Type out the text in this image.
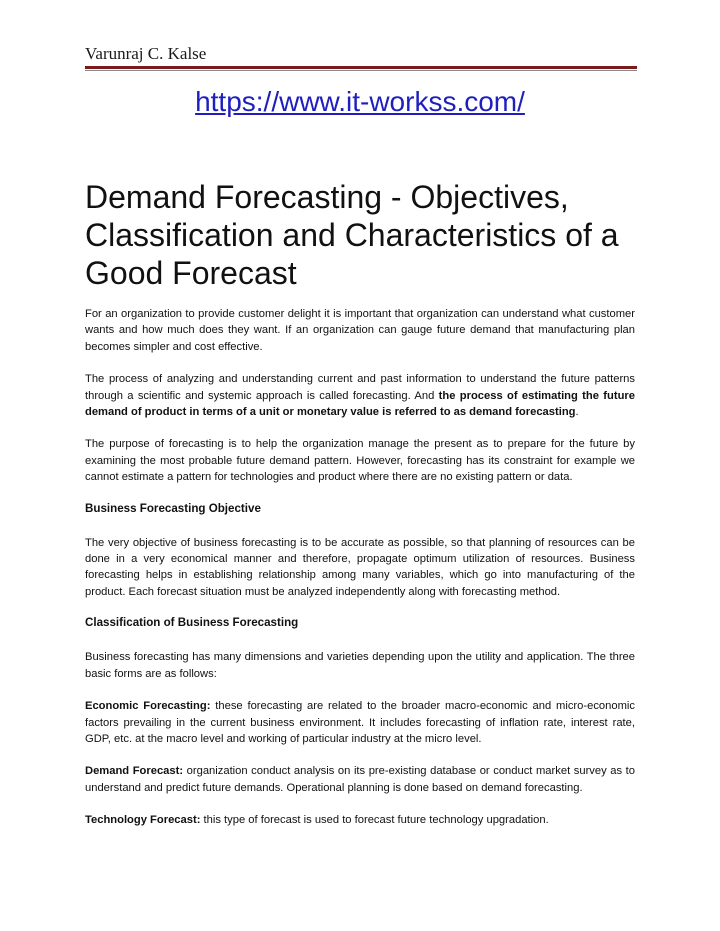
Varunraj C. Kalse
https://www.it-workss.com/
Demand Forecasting - Objectives, Classification and Characteristics of a Good Forecast

For an organization to provide customer delight it is important that organization can understand what customer wants and how much does they want. If an organization can gauge future demand that manufacturing plan becomes simpler and cost effective.

The process of analyzing and understanding current and past information to understand the future patterns through a scientific and systemic approach is called forecasting. And the process of estimating the future demand of product in terms of a unit or monetary value is referred to as demand forecasting.

The purpose of forecasting is to help the organization manage the present as to prepare for the future by examining the most probable future demand pattern. However, forecasting has its constraint for example we cannot estimate a pattern for technologies and product where there are no existing pattern or data.

Business Forecasting Objective

The very objective of business forecasting is to be accurate as possible, so that planning of resources can be done in a very economical manner and therefore, propagate optimum utilization of resources. Business forecasting helps in establishing relationship among many variables, which go into manufacturing of the product. Each forecast situation must be analyzed independently along with forecasting method.

Classification of Business Forecasting

Business forecasting has many dimensions and varieties depending upon the utility and application. The three basic forms are as follows:

Economic Forecasting: these forecasting are related to the broader macro-economic and micro-economic factors prevailing in the current business environment. It includes forecasting of inflation rate, interest rate, GDP, etc. at the macro level and working of particular industry at the micro level.

Demand Forecast: organization conduct analysis on its pre-existing database or conduct market survey as to understand and predict future demands. Operational planning is done based on demand forecasting.

Technology Forecast: this type of forecast is used to forecast future technology upgradation.
